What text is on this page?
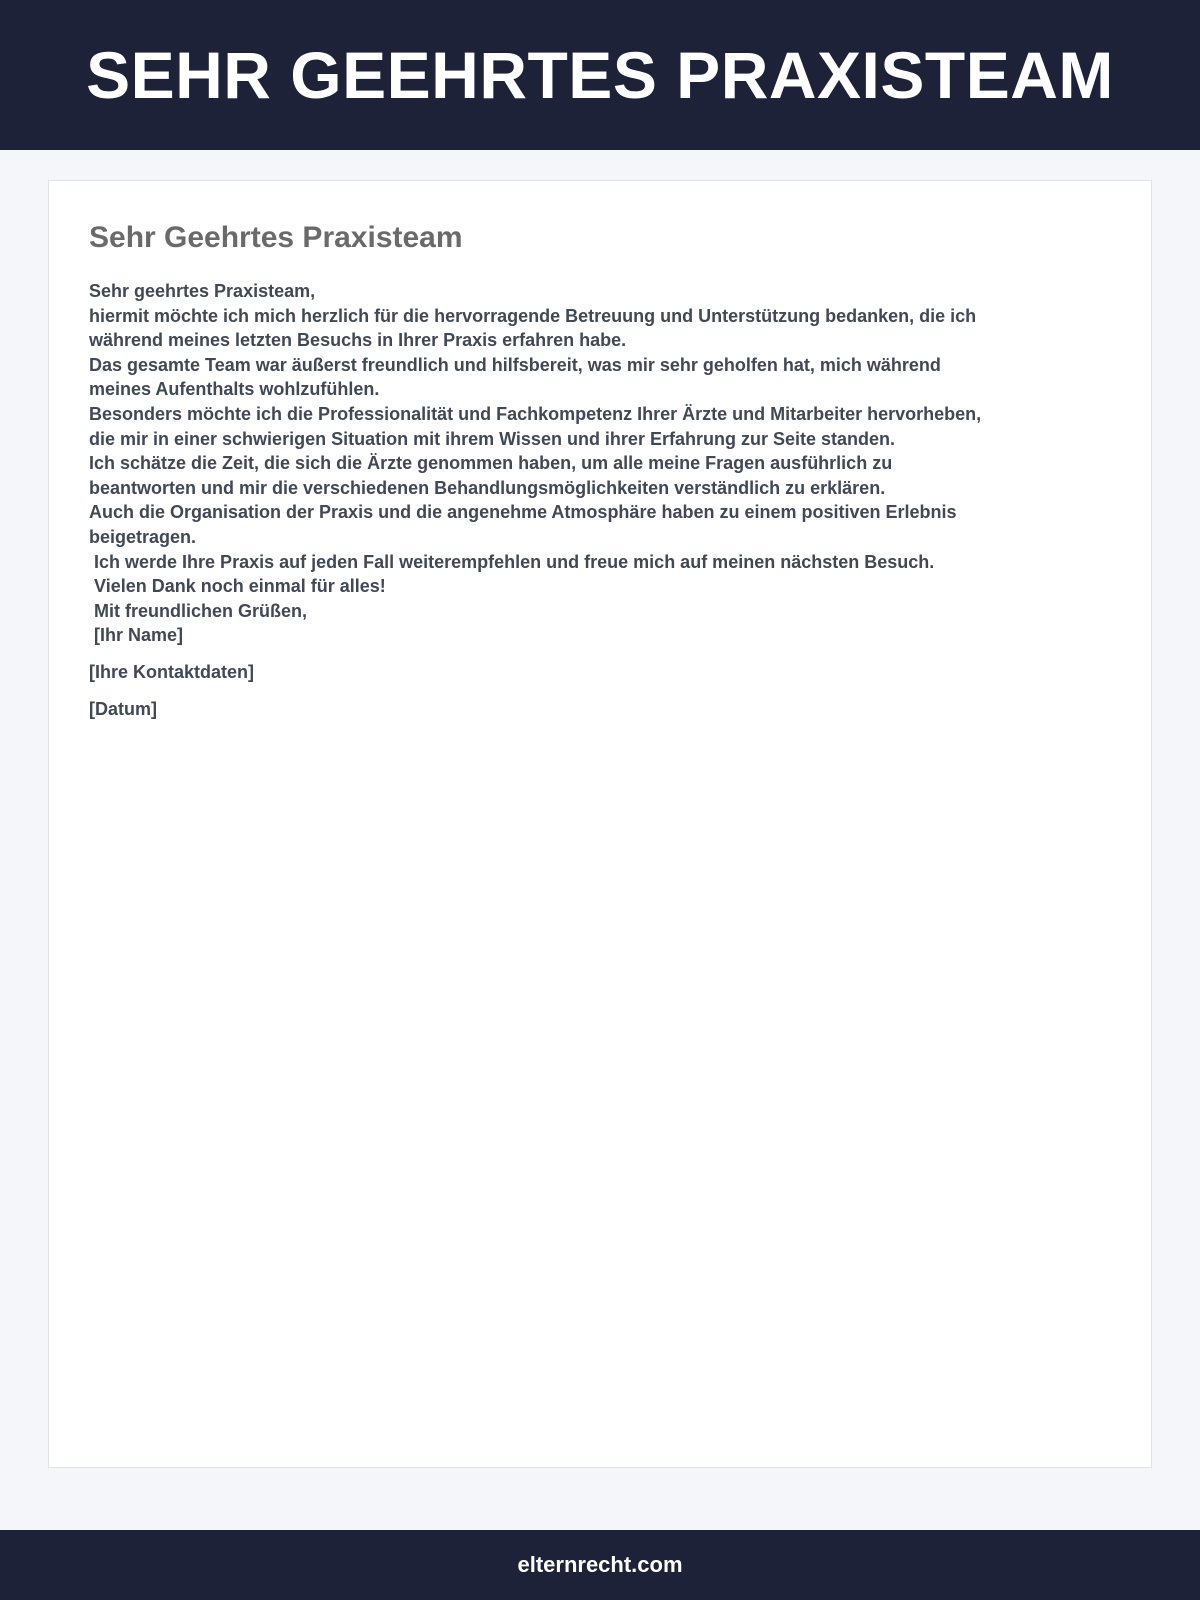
SEHR GEEHRTES PRAXISTEAM
Sehr Geehrtes Praxisteam
Sehr geehrtes Praxisteam,
hiermit möchte ich mich herzlich für die hervorragende Betreuung und Unterstützung bedanken, die ich
während meines letzten Besuchs in Ihrer Praxis erfahren habe.
Das gesamte Team war äußerst freundlich und hilfsbereit, was mir sehr geholfen hat, mich während
meines Aufenthalts wohlzufühlen.
Besonders möchte ich die Professionalität und Fachkompetenz Ihrer Ärzte und Mitarbeiter hervorheben,
die mir in einer schwierigen Situation mit ihrem Wissen und ihrer Erfahrung zur Seite standen.
Ich schätze die Zeit, die sich die Ärzte genommen haben, um alle meine Fragen ausführlich zu
beantworten und mir die verschiedenen Behandlungsmöglichkeiten verständlich zu erklären.
Auch die Organisation der Praxis und die angenehme Atmosphäre haben zu einem positiven Erlebnis
beigetragen.
Ich werde Ihre Praxis auf jeden Fall weiterempfehlen und freue mich auf meinen nächsten Besuch.
Vielen Dank noch einmal für alles!
Mit freundlichen Grüßen,
[Ihr Name]

[Ihre Kontaktdaten]

[Datum]

elternrecht.com
